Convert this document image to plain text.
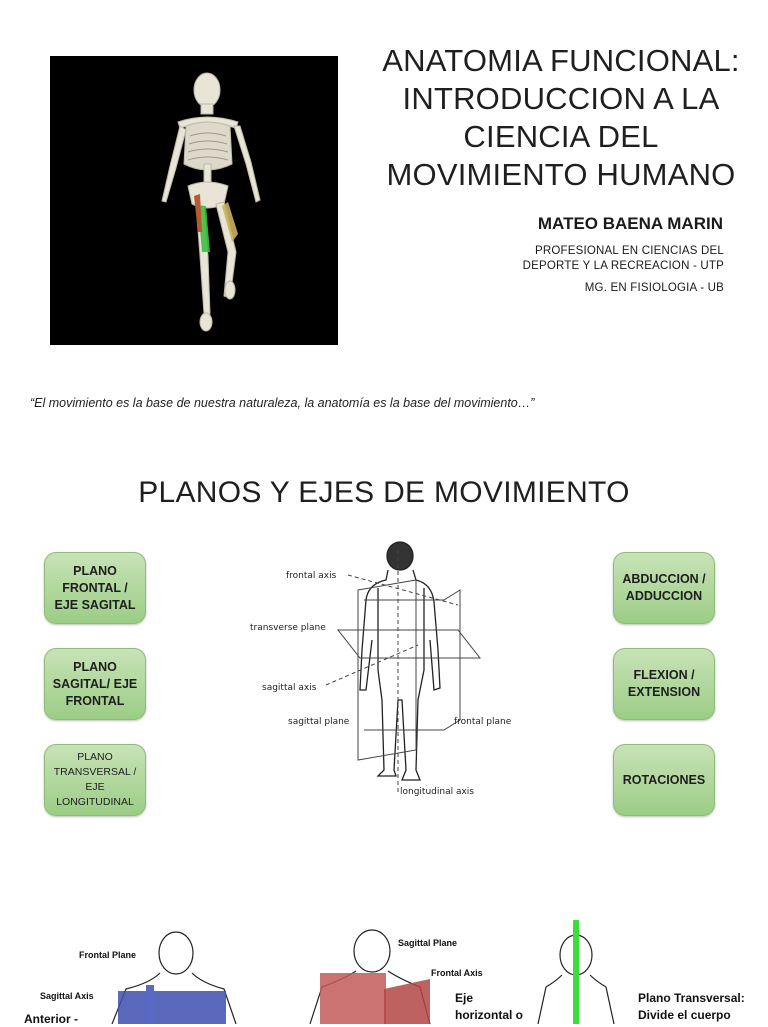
ANATOMIA FUNCIONAL: INTRODUCCION A LA CIENCIA DEL MOVIMIENTO HUMANO
MATEO BAENA MARIN
PROFESIONAL EN CIENCIAS DEL DEPORTE Y LA RECREACION - UTP
MG. EN FISIOLOGIA - UB
“El movimiento es la base de nuestra naturaleza, la anatomía es la base del movimiento…”
PLANOS Y EJES DE MOVIMIENTO
PLANO FRONTAL / EJE SAGITAL
PLANO SAGITAL/ EJE FRONTAL
PLANO TRANSVERSAL / EJE LONGITUDINAL
ABDUCCION / ADDUCCION
FLEXION / EXTENSION
ROTACIONES
frontal axis
transverse plane
sagittal axis
sagittal plane	frontal plane
longitudinal axis
Frontal Plane
Sagittal Axis
Anterior -
Sagittal Plane
Frontal Axis
Eje
horizontal o
Plano Transversal:
Divide el cuerpo
